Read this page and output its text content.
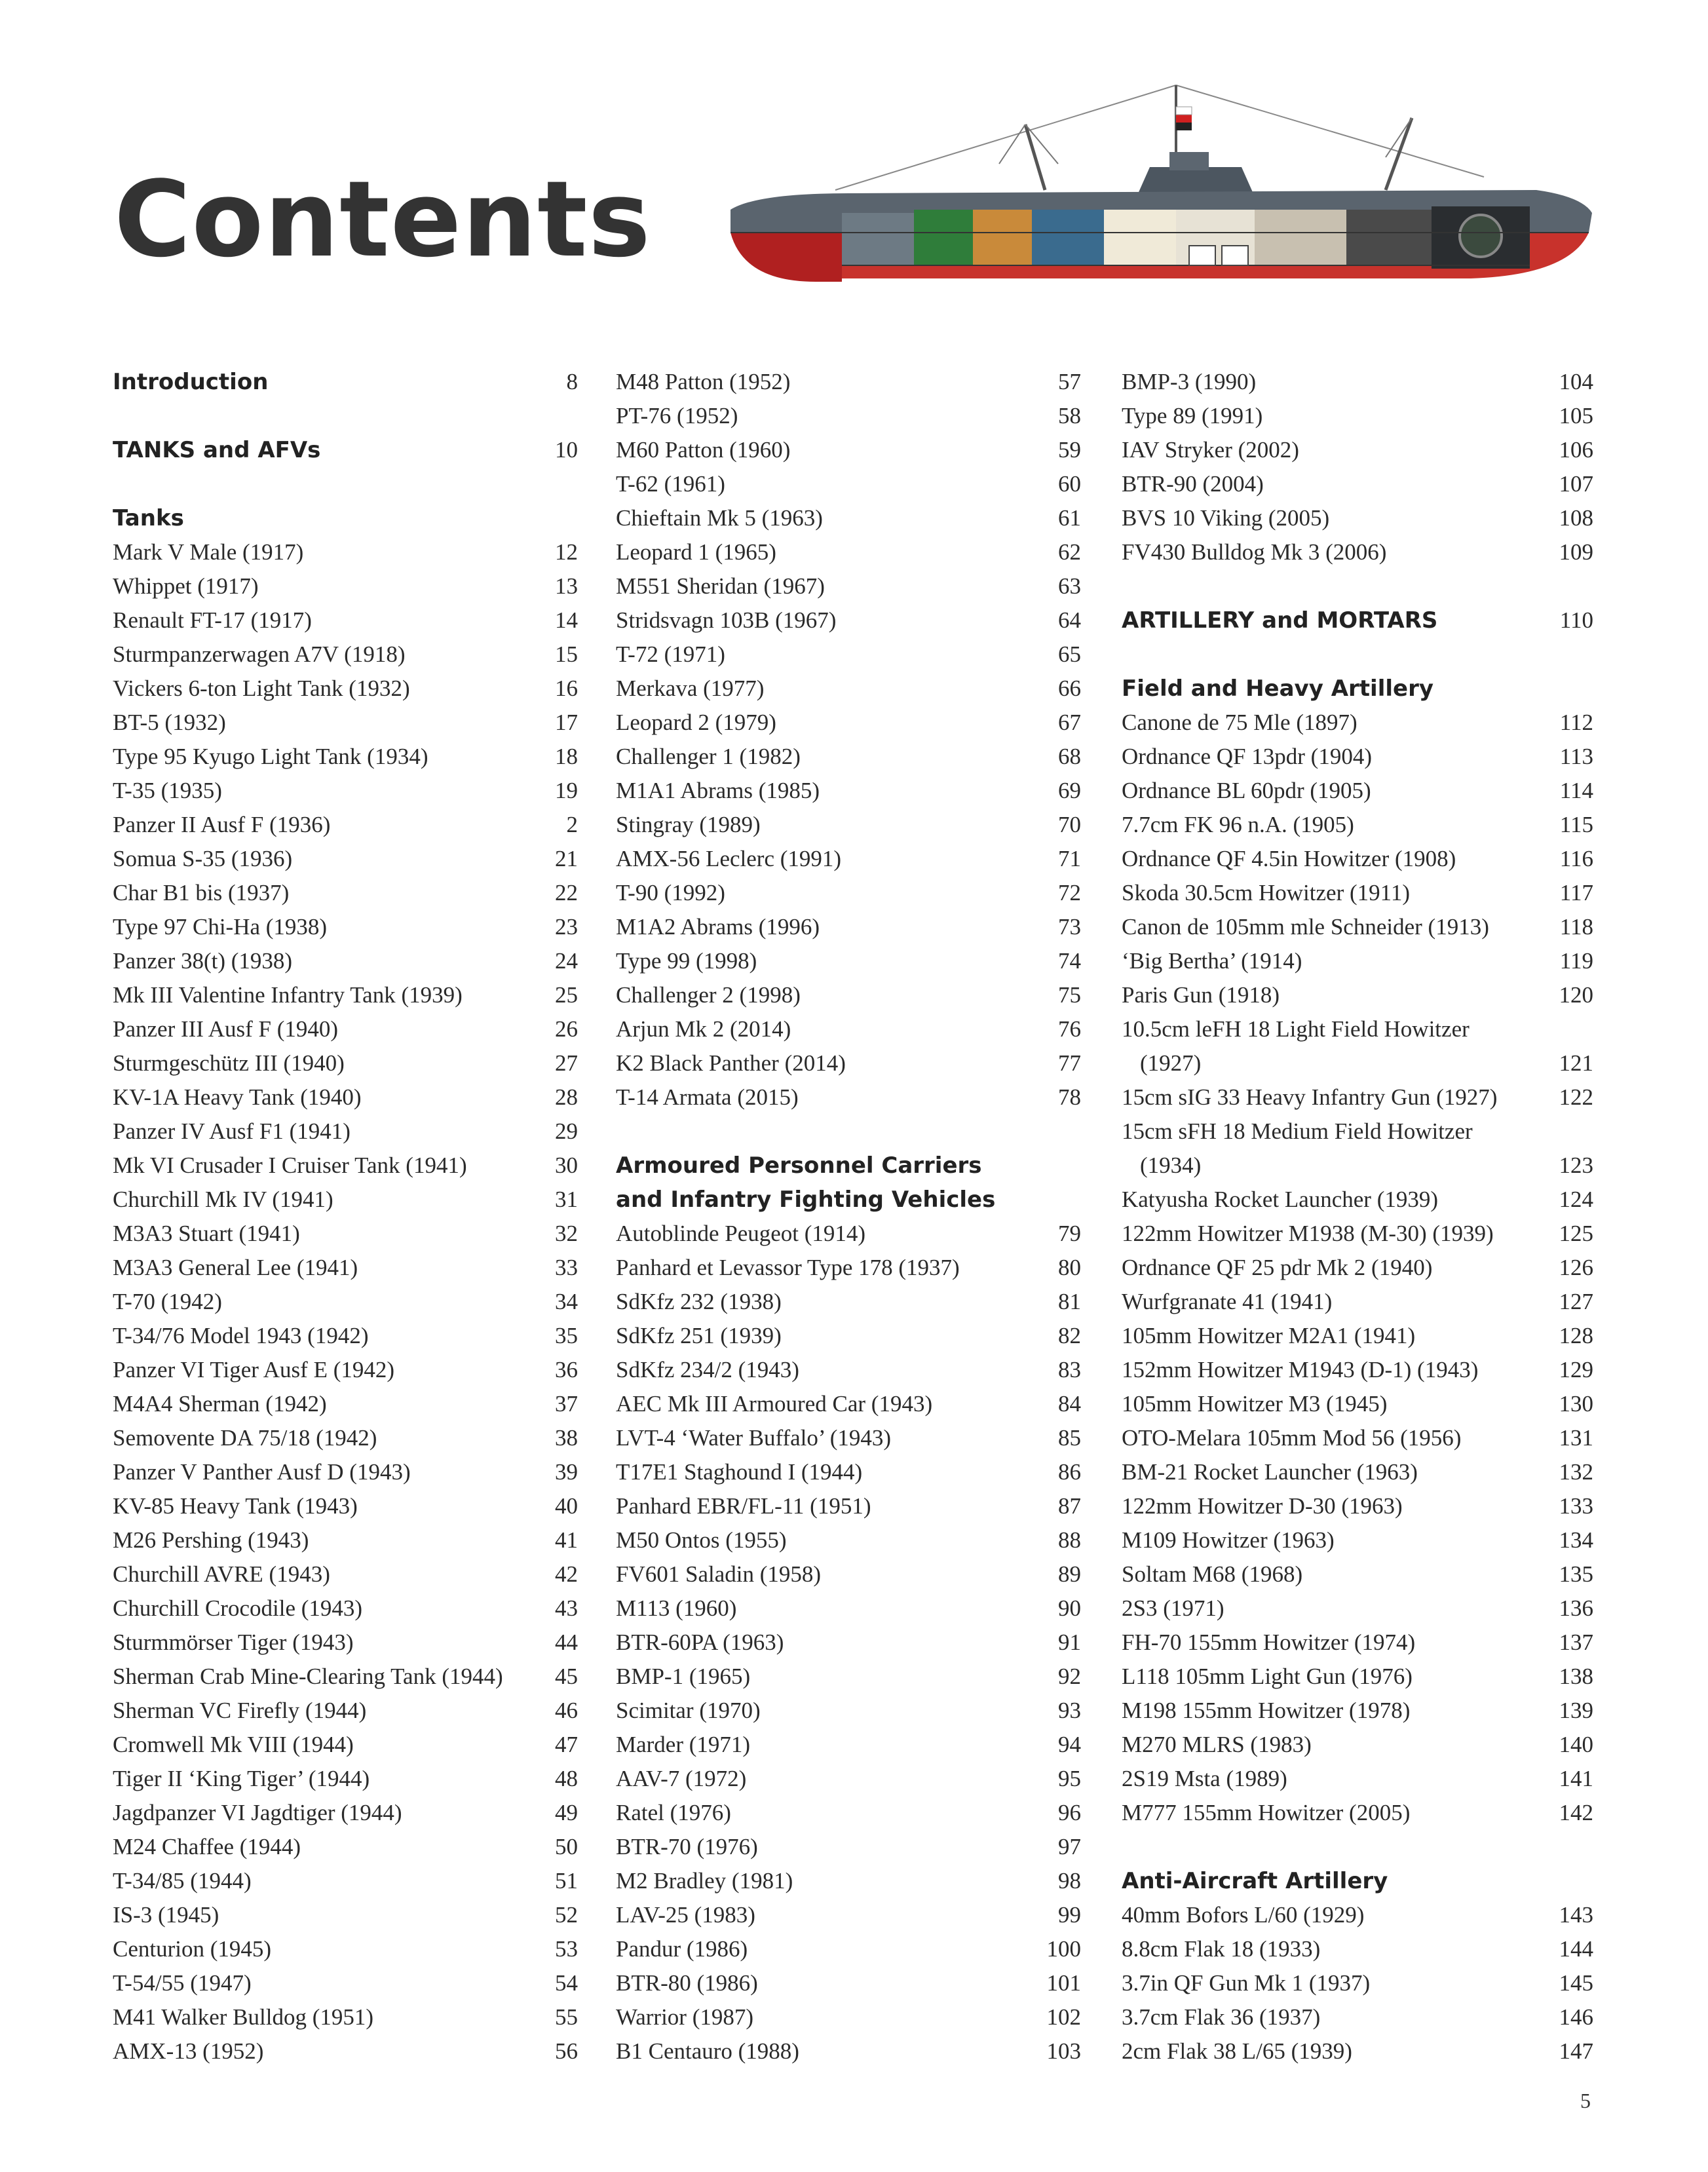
Contents
Introduction	8
TANKS and AFVs	10
Tanks
Mark V Male (1917)	12
Whippet (1917)	13
Renault FT-17 (1917)	14
Sturmpanzerwagen A7V (1918)	15
Vickers 6-ton Light Tank (1932)	16
BT-5 (1932)	17
Type 95 Kyugo Light Tank (1934)	18
T-35 (1935)	19
Panzer II Ausf F (1936)	2
Somua S-35 (1936)	21
Char B1 bis (1937)	22
Type 97 Chi-Ha (1938)	23
Panzer 38(t) (1938)	24
Mk III Valentine Infantry Tank (1939)	25
Panzer III Ausf F (1940)	26
Sturmgeschütz III (1940)	27
KV-1A Heavy Tank (1940)	28
Panzer IV Ausf F1 (1941)	29
Mk VI Crusader I Cruiser Tank (1941)	30
Churchill Mk IV (1941)	31
M3A3 Stuart (1941)	32
M3A3 General Lee (1941)	33
T-70 (1942)	34
T-34/76 Model 1943 (1942)	35
Panzer VI Tiger Ausf E (1942)	36
M4A4 Sherman (1942)	37
Semovente DA 75/18 (1942)	38
Panzer V Panther Ausf D (1943)	39
KV-85 Heavy Tank (1943)	40
M26 Pershing (1943)	41
Churchill AVRE (1943)	42
Churchill Crocodile (1943)	43
Sturmmörser Tiger (1943)	44
Sherman Crab Mine-Clearing Tank (1944)	45
Sherman VC Firefly (1944)	46
Cromwell Mk VIII (1944)	47
Tiger II ‘King Tiger’ (1944)	48
Jagdpanzer VI Jagdtiger (1944)	49
M24 Chaffee (1944)	50
T-34/85 (1944)	51
IS-3 (1945)	52
Centurion (1945)	53
T-54/55 (1947)	54
M41 Walker Bulldog (1951)	55
AMX-13 (1952)	56
M48 Patton (1952)	57
PT-76 (1952)	58
M60 Patton (1960)	59
T-62 (1961)	60
Chieftain Mk 5 (1963)	61
Leopard 1 (1965)	62
M551 Sheridan (1967)	63
Stridsvagn 103B (1967)	64
T-72 (1971)	65
Merkava (1977)	66
Leopard 2 (1979)	67
Challenger 1 (1982)	68
M1A1 Abrams (1985)	69
Stingray (1989)	70
AMX-56 Leclerc (1991)	71
T-90 (1992)	72
M1A2 Abrams (1996)	73
Type 99 (1998)	74
Challenger 2 (1998)	75
Arjun Mk 2 (2014)	76
K2 Black Panther (2014)	77
T-14 Armata (2015)	78
Armoured Personnel Carriers and Infantry Fighting Vehicles
Autoblinde Peugeot (1914)	79
Panhard et Levassor Type 178 (1937)	80
SdKfz 232 (1938)	81
SdKfz 251 (1939)	82
SdKfz 234/2 (1943)	83
AEC Mk III Armoured Car (1943)	84
LVT-4 ‘Water Buffalo’ (1943)	85
T17E1 Staghound I (1944)	86
Panhard EBR/FL-11 (1951)	87
M50 Ontos (1955)	88
FV601 Saladin (1958)	89
M113 (1960)	90
BTR-60PA (1963)	91
BMP-1 (1965)	92
Scimitar (1970)	93
Marder (1971)	94
AAV-7 (1972)	95
Ratel (1976)	96
BTR-70 (1976)	97
M2 Bradley (1981)	98
LAV-25 (1983)	99
Pandur (1986)	100
BTR-80 (1986)	101
Warrior (1987)	102
B1 Centauro (1988)	103
BMP-3 (1990)	104
Type 89 (1991)	105
IAV Stryker (2002)	106
BTR-90 (2004)	107
BVS 10 Viking (2005)	108
FV430 Bulldog Mk 3 (2006)	109
ARTILLERY and MORTARS	110
Field and Heavy Artillery
Canone de 75 Mle (1897)	112
Ordnance QF 13pdr (1904)	113
Ordnance BL 60pdr (1905)	114
7.7cm FK 96 n.A. (1905)	115
Ordnance QF 4.5in Howitzer (1908)	116
Skoda 30.5cm Howitzer (1911)	117
Canon de 105mm mle Schneider (1913)	118
‘Big Bertha’ (1914)	119
Paris Gun (1918)	120
10.5cm leFH 18 Light Field Howitzer
(1927)	121
15cm sIG 33 Heavy Infantry Gun (1927)	122
15cm sFH 18 Medium Field Howitzer
(1934)	123
Katyusha Rocket Launcher (1939)	124
122mm Howitzer M1938 (M-30) (1939)	125
Ordnance QF 25 pdr Mk 2 (1940)	126
Wurfgranate 41 (1941)	127
105mm Howitzer M2A1 (1941)	128
152mm Howitzer M1943 (D-1) (1943)	129
105mm Howitzer M3 (1945)	130
OTO-Melara 105mm Mod 56 (1956)	131
BM-21 Rocket Launcher (1963)	132
122mm Howitzer D-30 (1963)	133
M109 Howitzer (1963)	134
Soltam M68 (1968)	135
2S3 (1971)	136
FH-70 155mm Howitzer (1974)	137
L118 105mm Light Gun (1976)	138
M198 155mm Howitzer (1978)	139
M270 MLRS (1983)	140
2S19 Msta (1989)	141
M777 155mm Howitzer (2005)	142
Anti-Aircraft Artillery
40mm Bofors L/60 (1929)	143
8.8cm Flak 18 (1933)	144
3.7in QF Gun Mk 1 (1937)	145
3.7cm Flak 36 (1937)	146
2cm Flak 38 L/65 (1939)	147
5
